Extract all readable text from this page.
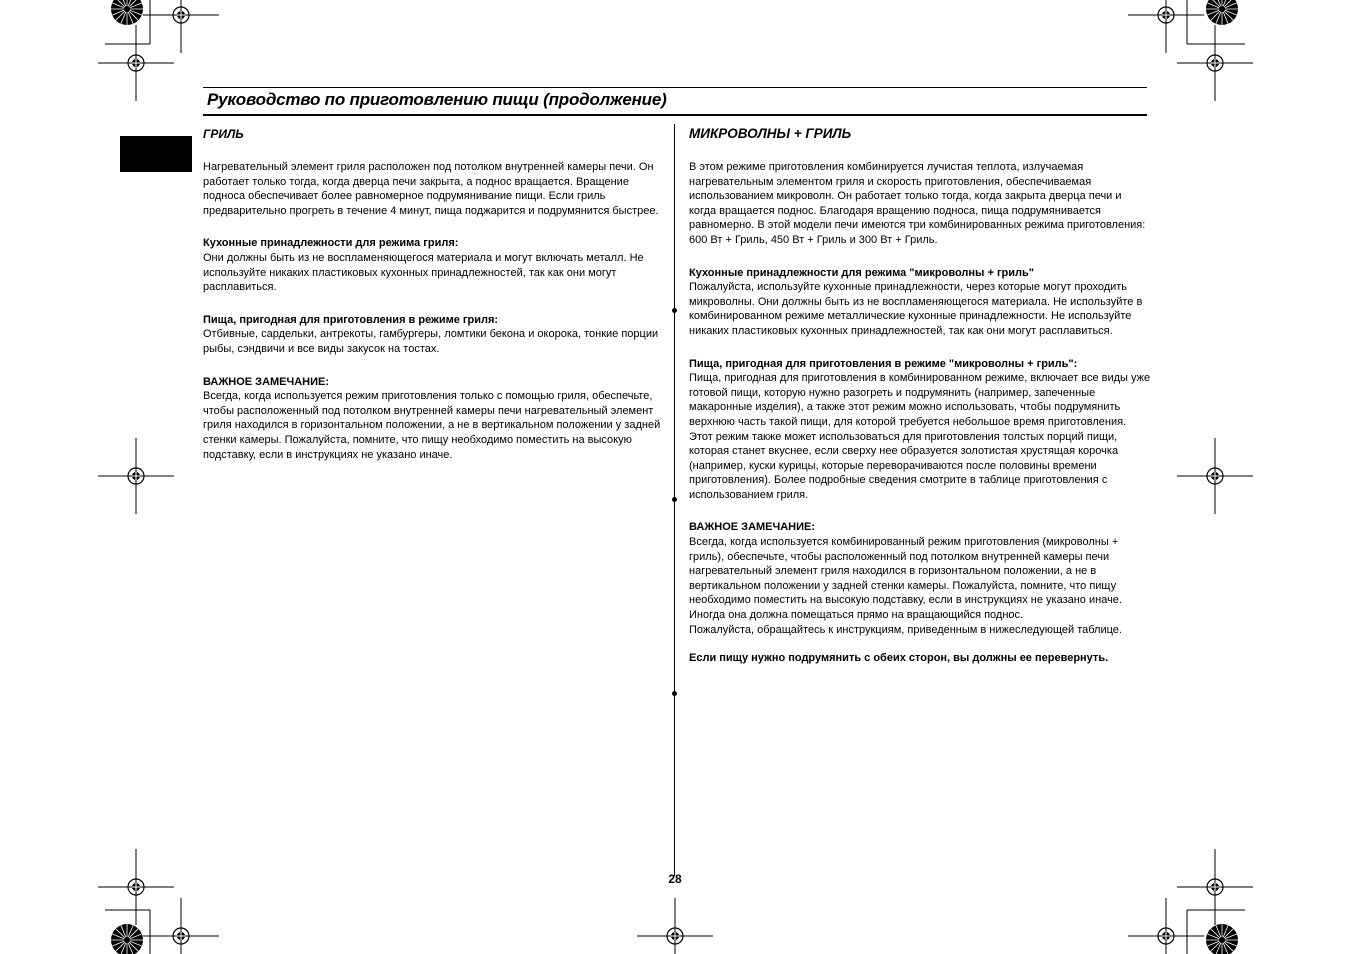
Руководство по приготовлению пищи (продолжение)
ГРИЛЬ

Нагревательный элемент гриля расположен под потолком внутренней камеры печи. Он работает только тогда, когда дверца печи закрыта, а поднос вращается. Вращение подноса обеспечивает более равномерное подрумянивание пищи. Если гриль предварительно прогреть в течение 4 минут, пища поджарится и подрумянится быстрее.

Кухонные принадлежности для режима гриля:

Они должны быть из не воспламеняющегося материала и могут включать металл. Не используйте никаких пластиковых кухонных принадлежностей, так как они могут расплавиться.

Пища, пригодная для приготовления в режиме гриля:

Отбивные, сардельки, антрекоты, гамбургеры, ломтики бекона и окорока, тонкие порции рыбы, сэндвичи и все виды закусок на тостах.

ВАЖНОЕ ЗАМЕЧАНИЕ:

Всегда, когда используется режим приготовления только с помощью гриля, обеспечьте, чтобы расположенный под потолком внутренней камеры печи нагревательный элемент гриля находился в горизонтальном положении, а не в вертикальном положении у задней стенки камеры. Пожалуйста, помните, что пищу необходимо поместить на высокую подставку, если в инструкциях не указано иначе.

МИКРОВОЛНЫ + ГРИЛЬ

В этом режиме приготовления комбинируется лучистая теплота, излучаемая нагревательным элементом гриля и скорость приготовления, обеспечиваемая использованием микроволн. Он работает только тогда, когда закрыта дверца печи и когда вращается поднос. Благодаря вращению подноса, пища подрумянивается равномерно. В этой модели печи имеются три комбинированных режима приготовления:

600 Вт + Гриль, 450 Вт + Гриль и 300 Вт + Гриль.

Кухонные принадлежности для режима "микроволны + гриль"

Пожалуйста, используйте кухонные принадлежности, через которые могут проходить микроволны. Они должны быть из не воспламеняющегося материала. Не используйте в комбинированном режиме металлические кухонные принадлежности. Не используйте никаких пластиковых кухонных принадлежностей, так как они могут расплавиться.

Пища, пригодная для приготовления в режиме "микроволны + гриль":

Пища, пригодная для приготовления в комбинированном режиме, включает все виды уже готовой пищи, которую нужно разогреть и подрумянить (например, запеченные макаронные изделия), а также этот режим можно использовать, чтобы подрумянить верхнюю часть такой пищи, для которой требуется небольшое время приготовления.

Этот режим также может использоваться для приготовления толстых порций пищи, которая станет вкуснее, если сверху нее образуется золотистая хрустящая корочка (например, куски курицы, которые переворачиваются после половины времени приготовления). Более подробные сведения смотрите в таблице приготовления с использованием гриля.

ВАЖНОЕ ЗАМЕЧАНИЕ:

Всегда, когда используется комбинированный режим приготовления (микроволны + гриль), обеспечьте, чтобы расположенный под потолком внутренней камеры печи нагревательный элемент гриля находился в горизонтальном положении, а не в вертикальном положении у задней стенки камеры. Пожалуйста, помните, что пищу необходимо поместить на высокую подставку, если в инструкциях не указано иначе.

Иногда она должна помещаться прямо на вращающийся поднос.

Пожалуйста, обращайтесь к инструкциям, приведенным в нижеследующей таблице.

Если пищу нужно подрумянить с обеих сторон, вы должны ее перевернуть.

28
